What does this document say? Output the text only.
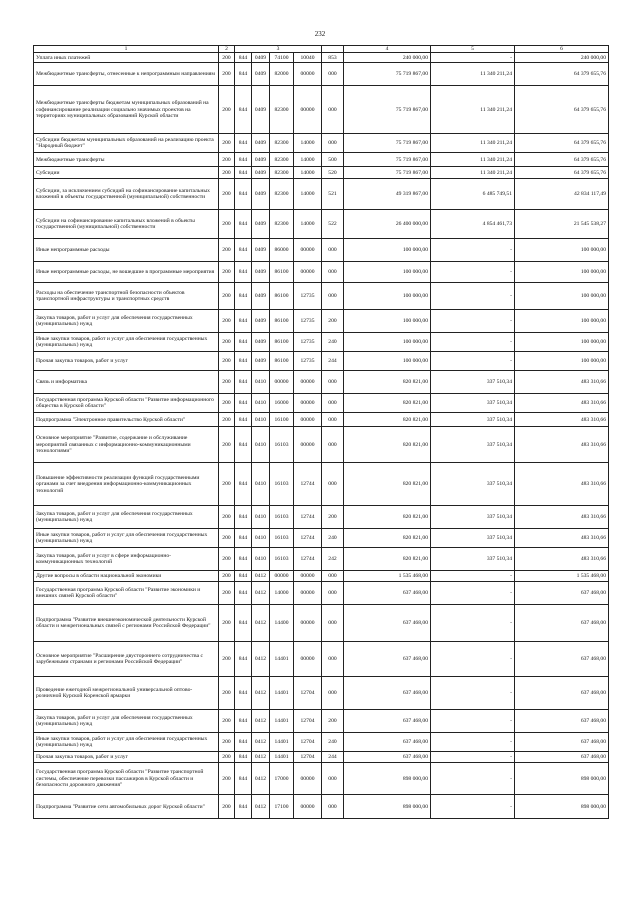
232
1	2	3					4	5	6
Уплата иных платежей	200	844	0409	74100	10040	853	240 000,00	-	240 000,00
Межбюджетные трансферты, отнесенные к непрограммным направлениям	200	844	0409	82000	00000	000	75 719 867,00	11 340 211,24	64 379 655,76
Межбюджетные трансферты бюджетам муниципальных образований на софинансирование реализации социально значимых проектов на территориях муниципальных образований Курской области	200	844	0409	82300	00000	000	75 719 867,00	11 340 211,24	64 379 655,76
Субсидии бюджетам муниципальных образований на реализацию проекта "Народный бюджет"	200	844	0409	82300	14000	000	75 719 867,00	11 340 211,24	64 379 655,76
Межбюджетные трансферты	200	844	0409	82300	14000	500	75 719 867,00	11 340 211,24	64 379 655,76
Субсидии	200	844	0409	82300	14000	520	75 719 867,00	11 340 211,24	64 379 655,76
Субсидии, за исключением субсидий на софинансирование капитальных вложений в объекты государственной (муниципальной) собственности	200	844	0409	82300	14000	521	49 319 867,00	6 485 749,51	42 834 117,49
Субсидии на софинансирование капитальных вложений в объекты государственной (муниципальной) собственности	200	844	0409	82300	14000	522	26 400 000,00	4 854 461,73	21 545 538,27
Иные непрограммные расходы	200	844	0409	86000	00000	000	100 000,00	-	100 000,00
Иные непрограммные расходы, не вошедшие в программные мероприятия	200	844	0409	86100	00000	000	100 000,00	-	100 000,00
Расходы на обеспечение транспортной безопасности объектов транспортной инфраструктуры и транспортных средств	200	844	0409	86100	12735	000	100 000,00	-	100 000,00
Закупка товаров, работ и услуг для обеспечения государственных (муниципальных) нужд	200	844	0409	86100	12735	200	100 000,00	-	100 000,00
Иные закупки товаров, работ и услуг для обеспечения государственных (муниципальных) нужд	200	844	0409	86100	12735	240	100 000,00	-	100 000,00
Прочая закупка товаров, работ и услуг	200	844	0409	86100	12735	244	100 000,00	-	100 000,00
Связь и информатика	200	844	0410	00000	00000	000	820 821,00	337 510,34	483 310,66
Государственная программа Курской области "Развитие информационного общества в Курской области"	200	844	0410	16000	00000	000	820 821,00	337 510,34	483 310,66
Подпрограмма "Электронное правительство Курской области"	200	844	0410	16100	00000	000	820 821,00	337 510,34	483 310,66
Основное мероприятие "Развитие, содержание и обслуживание мероприятий связанных с информационно-коммуникационными технологиями"	200	844	0410	16103	00000	000	820 821,00	337 510,34	483 310,66
Повышение эффективности реализации функций государственными органами за счет внедрения информационно-коммуникационных технологий	200	844	0410	16103	12744	000	820 821,00	337 510,34	483 310,66
Закупка товаров, работ и услуг для обеспечения государственных (муниципальных) нужд	200	844	0410	16103	12744	200	820 821,00	337 510,34	483 310,66
Иные закупки товаров, работ и услуг для обеспечения государственных (муниципальных) нужд	200	844	0410	16103	12744	240	820 821,00	337 510,34	483 310,66
Закупка товаров, работ и услуг в сфере информационно-коммуникационных технологий	200	844	0410	16103	12744	242	820 821,00	337 510,34	483 310,66
Другие вопросы в области национальной экономики	200	844	0412	00000	00000	000	1 535 468,00	-	1 535 468,00
Государственная программа Курской области "Развитие экономики и внешних связей Курской области"	200	844	0412	14000	00000	000	637 468,00	-	637 468,00
Подпрограмма "Развитие внешнеэкономической деятельности Курской области и межрегиональных связей с регионами Российской Федерации"	200	844	0412	14400	00000	000	637 468,00	-	637 468,00
Основное мероприятие "Расширение двустороннего сотрудничества с зарубежными странами и регионами Российской Федерации"	200	844	0412	14401	00000	000	637 468,00	-	637 468,00
Проведение ежегодной межрегиональной универсальной оптово-розничной Курской Коренской ярмарки	200	844	0412	14401	12704	000	637 468,00	-	637 468,00
Закупка товаров, работ и услуг для обеспечения государственных (муниципальных) нужд	200	844	0412	14401	12704	200	637 468,00	-	637 468,00
Иные закупки товаров, работ и услуг для обеспечения государственных (муниципальных) нужд	200	844	0412	14401	12704	240	637 468,00	-	637 468,00
Прочая закупка товаров, работ и услуг	200	844	0412	14401	12704	244	637 468,00	-	637 468,00
Государственная программа Курской области "Развитие транспортной системы, обеспечение перевозки пассажиров в Курской области и безопасности дорожного движения"	200	844	0412	17000	00000	000	898 000,00	-	898 000,00
Подпрограмма "Развитие сети автомобильных дорог Курской области"	200	844	0412	17100	00000	000	898 000,00	-	898 000,00
